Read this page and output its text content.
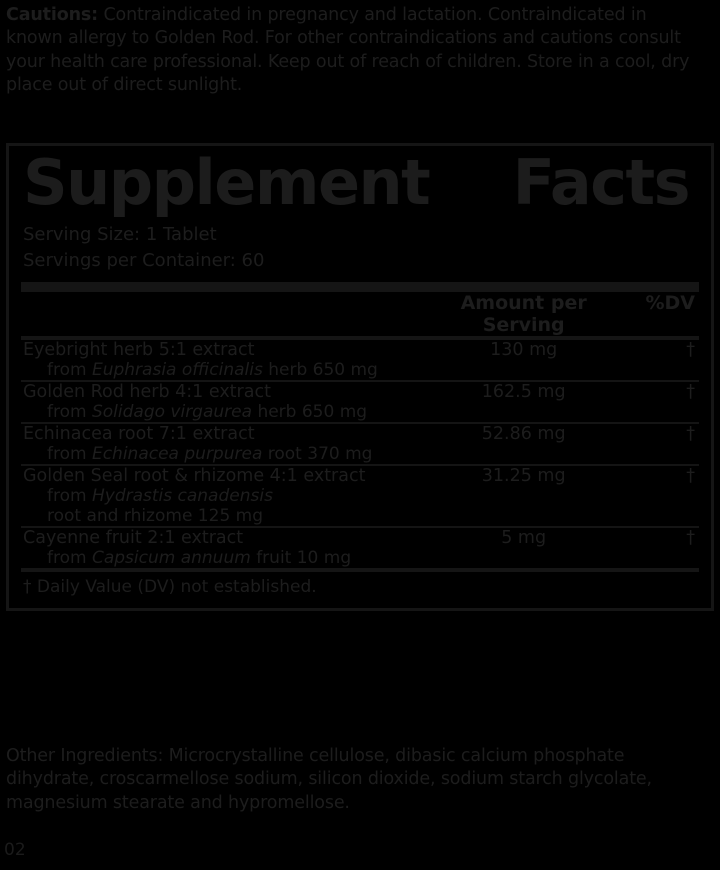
Cautions: Contraindicated in pregnancy and lactation. Contraindicated in known allergy to Golden Rod. For other contraindications and cautions consult your health care professional. Keep out of reach of children. Store in a cool, dry place out of direct sunlight.
Supplement Facts
Serving Size: 1 Tablet
Servings per Container: 60
	Amount per Serving	%DV
Eyebright herb 5:1 extract
from Euphrasia officinalis herb 650 mg
	130 mg	†
Golden Rod herb 4:1 extract
from Solidago virgaurea herb 650 mg
	162.5 mg	†
Echinacea root 7:1 extract
from Echinacea purpurea root 370 mg
	52.86 mg	†
Golden Seal root & rhizome 4:1 extract
from Hydrastis canadensis
root and rhizome 125 mg
	31.25 mg	†
Cayenne fruit 2:1 extract
from Capsicum annuum fruit 10 mg
	5 mg	†
† Daily Value (DV) not established.
Other Ingredients: Microcrystalline cellulose, dibasic calcium phosphate dihydrate, croscarmellose sodium, silicon dioxide, sodium starch glycolate, magnesium stearate and hypromellose.
02
